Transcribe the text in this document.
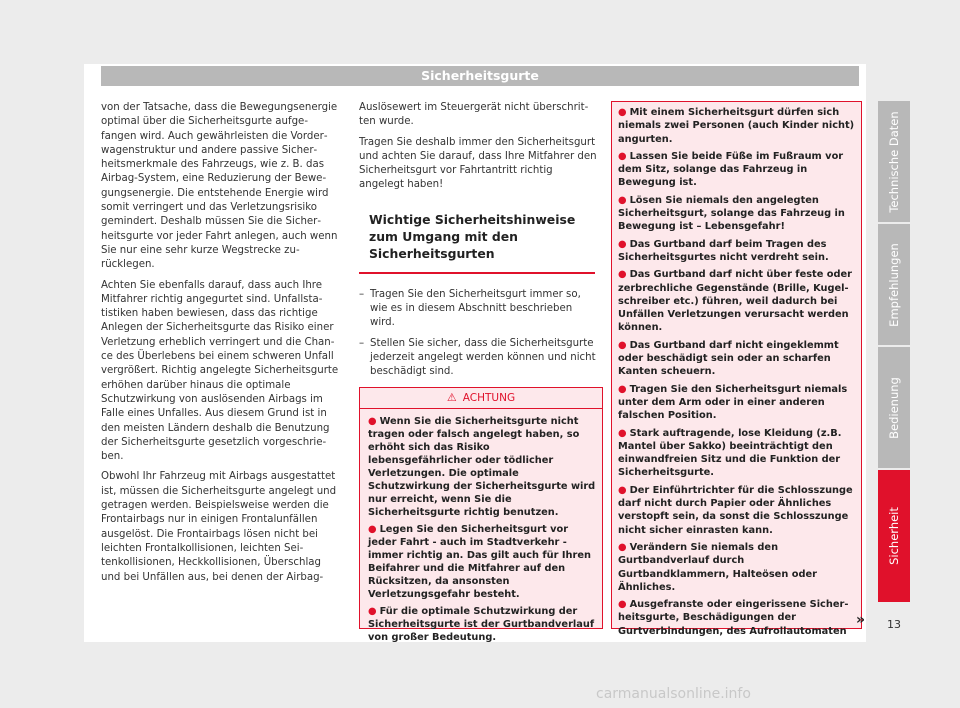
Sicherheitsgurte

von der Tatsache, dass die Bewegungsenergie optimal über die Sicherheitsgurte aufgefangen wird. Auch gewährleisten die Vorderwagenstruktur und andere passive Sicherheitsmerkmale des Fahrzeugs, wie z. B. das Airbag-System, eine Reduzierung der Bewegungsenergie. Die entstehende Energie wird somit verringert und das Verletzungsrisiko gemindert. Deshalb müssen Sie die Sicherheitsgurte vor jeder Fahrt anlegen, auch wenn Sie nur eine sehr kurze Wegstrecke zurücklegen.

Achten Sie ebenfalls darauf, dass auch Ihre Mitfahrer richtig angegurtet sind. Unfallstatistiken haben bewiesen, dass das richtige Anlegen der Sicherheitsgurte das Risiko einer Verletzung erheblich verringert und die Chance des Überlebens bei einem schweren Unfall vergrößert. Richtig angelegte Sicherheitsgurte erhöhen darüber hinaus die optimale Schutzwirkung von auslösenden Airbags im Falle eines Unfalles. Aus diesem Grund ist in den meisten Ländern deshalb die Benutzung der Sicherheitsgurte gesetzlich vorgeschrieben.

Obwohl Ihr Fahrzeug mit Airbags ausgestattet ist, müssen die Sicherheitsgurte angelegt und getragen werden. Beispielsweise werden die Frontairbags nur in einigen Frontalunfällen ausgelöst. Die Frontairbags lösen nicht bei leichten Frontalkollisionen, leichten Seitenkollisionen, Heckkollisionen, Überschlag und bei Unfällen aus, bei denen der Airbag-

Auslösewert im Steuergerät nicht überschritten wurde.

Tragen Sie deshalb immer den Sicherheitsgurt und achten Sie darauf, dass Ihre Mitfahrer den Sicherheitsgurt vor Fahrtantritt richtig angelegt haben!

Wichtige Sicherheitshinweise zum Umgang mit den Sicherheitsgurten
– Tragen Sie den Sicherheitsgurt immer so, wie es in diesem Abschnitt beschrieben wird.
– Stellen Sie sicher, dass die Sicherheitsgurte jederzeit angelegt werden können und nicht beschädigt sind.
⚠ ACHTUNG
● Wenn Sie die Sicherheitsgurte nicht tragen oder falsch angelegt haben, so erhöht sich das Risiko lebensgefährlicher oder tödlicher Verletzungen. Die optimale Schutzwirkung der Sicherheitsgurte wird nur erreicht, wenn Sie die Sicherheitsgurte richtig benutzen.
● Legen Sie den Sicherheitsgurt vor jeder Fahrt - auch im Stadtverkehr - immer richtig an. Das gilt auch für Ihren Beifahrer und die Mitfahrer auf den Rücksitzen, da ansonsten Verletzungsgefahr besteht.
● Für die optimale Schutzwirkung der Sicherheitsgurte ist der Gurtbandverlauf von großer Bedeutung.
● Mit einem Sicherheitsgurt dürfen sich niemals zwei Personen (auch Kinder nicht) angurten.
● Lassen Sie beide Füße im Fußraum vor dem Sitz, solange das Fahrzeug in Bewegung ist.
● Lösen Sie niemals den angelegten Sicherheitsgurt, solange das Fahrzeug in Bewegung ist – Lebensgefahr!
● Das Gurtband darf beim Tragen des Sicherheitsgurtes nicht verdreht sein.
● Das Gurtband darf nicht über feste oder zerbrechliche Gegenstände (Brille, Kugelschreiber etc.) führen, weil dadurch bei Unfällen Verletzungen verursacht werden können.
● Das Gurtband darf nicht eingeklemmt oder beschädigt sein oder an scharfen Kanten scheuern.
● Tragen Sie den Sicherheitsgurt niemals unter dem Arm oder in einer anderen falschen Position.
● Stark auftragende, lose Kleidung (z.B. Mantel über Sakko) beeinträchtigt den einwandfreien Sitz und die Funktion der Sicherheitsgurte.
● Der Einführtrichter für die Schlosszunge darf nicht durch Papier oder Ähnliches verstopft sein, da sonst die Schlosszunge nicht sicher einrasten kann.
● Verändern Sie niemals den Gurtbandverlauf durch Gurtbandklammern, Halteösen oder Ähnliches.
● Ausgefranste oder eingerissene Sicherheitsgurte, Beschädigungen der Gurtverbindungen, des Aufrollautomaten
»
Technische Daten
Empfehlungen
Bedienung
Sicherheit
13
carmanualsonline.info
